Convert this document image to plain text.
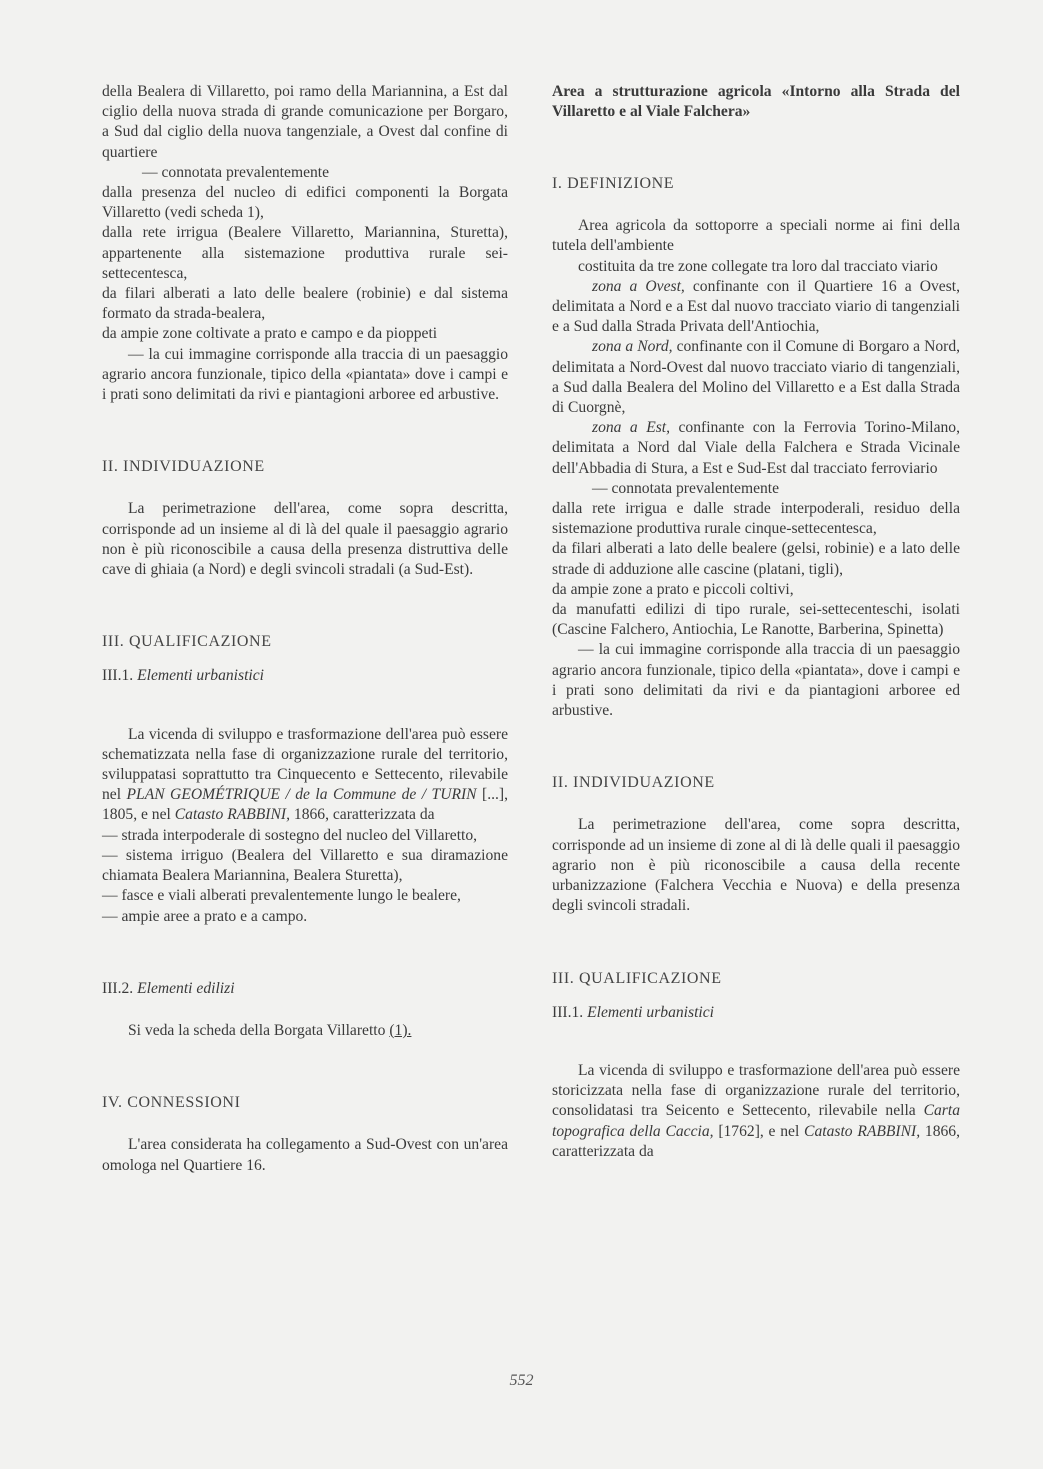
della Bealera di Villaretto, poi ramo della Mariannina, a Est dal ciglio della nuova strada di grande comunicazione per Borgaro, a Sud dal ciglio della nuova tangenziale, a Ovest dal confine di quartiere

— connotata prevalentemente

dalla presenza del nucleo di edifici componenti la Borgata Villaretto (vedi scheda 1),

dalla rete irrigua (Bealere Villaretto, Mariannina, Sturetta), appartenente alla sistemazione produttiva rurale sei-settecentesca,

da filari alberati a lato delle bealere (robinie) e dal sistema formato da strada-bealera,

da ampie zone coltivate a prato e campo e da pioppeti

— la cui immagine corrisponde alla traccia di un paesaggio agrario ancora funzionale, tipico della «piantata» dove i campi e i prati sono delimitati da rivi e piantagioni arboree ed arbustive.

II. INDIVIDUAZIONE

La perimetrazione dell'area, come sopra descritta, corrisponde ad un insieme al di là del quale il paesaggio agrario non è più riconoscibile a causa della presenza distruttiva delle cave di ghiaia (a Nord) e degli svincoli stradali (a Sud-Est).

III. QUALIFICAZIONE
III.1. Elementi urbanistici

La vicenda di sviluppo e trasformazione dell'area può essere schematizzata nella fase di organizzazione rurale del territorio, sviluppatasi soprattutto tra Cinquecento e Settecento, rilevabile nel PLAN GEOMÉTRIQUE / de la Commune de / TURIN [...], 1805, e nel Catasto RABBINI, 1866, caratterizzata da

— strada interpoderale di sostegno del nucleo del Villaretto,

— sistema irriguo (Bealera del Villaretto e sua diramazione chiamata Bealera Mariannina, Bealera Sturetta),

— fasce e viali alberati prevalentemente lungo le bealere,

— ampie aree a prato e a campo.

III.2. Elementi edilizi

Si veda la scheda della Borgata Villaretto (1).

IV. CONNESSIONI

L'area considerata ha collegamento a Sud-Ovest con un'area omologa nel Quartiere 16.

Area a strutturazione agricola «Intorno alla Strada del Villaretto e al Viale Falchera»

I. DEFINIZIONE

Area agricola da sottoporre a speciali norme ai fini della tutela dell'ambiente

costituita da tre zone collegate tra loro dal tracciato viario

zona a Ovest, confinante con il Quartiere 16 a Ovest, delimitata a Nord e a Est dal nuovo tracciato viario di tangenziali e a Sud dalla Strada Privata dell'Antiochia,

zona a Nord, confinante con il Comune di Borgaro a Nord, delimitata a Nord-Ovest dal nuovo tracciato viario di tangenziali, a Sud dalla Bealera del Molino del Villaretto e a Est dalla Strada di Cuorgnè,

zona a Est, confinante con la Ferrovia Torino-Milano, delimitata a Nord dal Viale della Falchera e Strada Vicinale dell'Abbadia di Stura, a Est e Sud-Est dal tracciato ferroviario

— connotata prevalentemente

dalla rete irrigua e dalle strade interpoderali, residuo della sistemazione produttiva rurale cinque-settecentesca,

da filari alberati a lato delle bealere (gelsi, robinie) e a lato delle strade di adduzione alle cascine (platani, tigli),

da ampie zone a prato e piccoli coltivi,

da manufatti edilizi di tipo rurale, sei-settecenteschi, isolati (Cascine Falchero, Antiochia, Le Ranotte, Barberina, Spinetta)

— la cui immagine corrisponde alla traccia di un paesaggio agrario ancora funzionale, tipico della «piantata», dove i campi e i prati sono delimitati da rivi e da piantagioni arboree ed arbustive.

II. INDIVIDUAZIONE

La perimetrazione dell'area, come sopra descritta, corrisponde ad un insieme di zone al di là delle quali il paesaggio agrario non è più riconoscibile a causa della recente urbanizzazione (Falchera Vecchia e Nuova) e della presenza degli svincoli stradali.

III. QUALIFICAZIONE
III.1. Elementi urbanistici

La vicenda di sviluppo e trasformazione dell'area può essere storicizzata nella fase di organizzazione rurale del territorio, consolidatasi tra Seicento e Settecento, rilevabile nella Carta topografica della Caccia, [1762], e nel Catasto RABBINI, 1866, caratterizzata da

552
